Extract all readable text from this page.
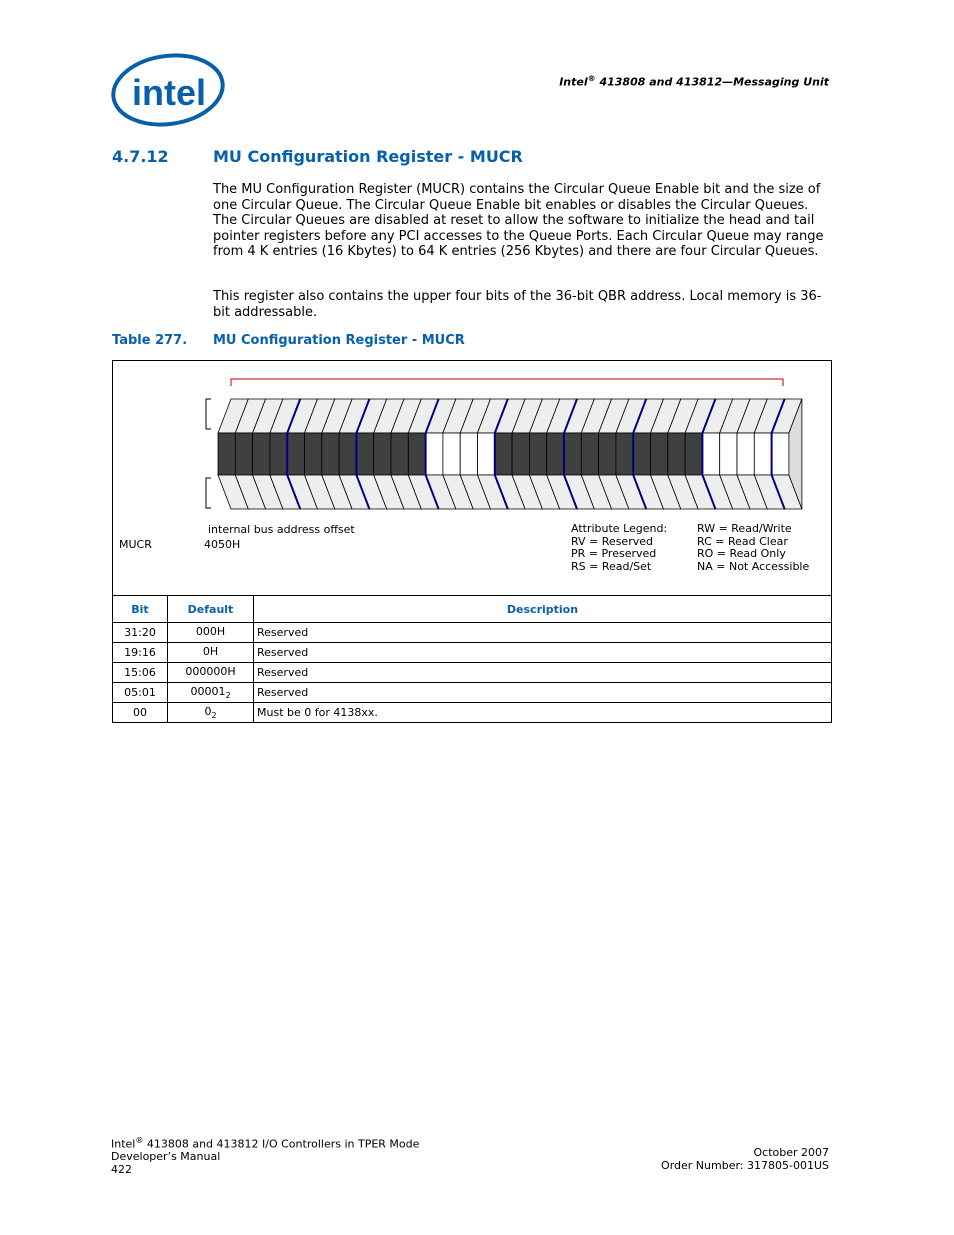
intel	Intel® 413808 and 413812—Messaging Unit
4.7.12	MU Configuration Register - MUCR
The MU Configuration Register (MUCR) contains the Circular Queue Enable bit and the size of one Circular Queue. The Circular Queue Enable bit enables or disables the Circular Queues. The Circular Queues are disabled at reset to allow the software to initialize the head and tail pointer registers before any PCI accesses to the Queue Ports. Each Circular Queue may range from 4 K entries (16 Kbytes) to 64 K entries (256 Kbytes) and there are four Circular Queues.
This register also contains the upper four bits of the 36-bit QBR address. Local memory is 36-bit addressable.
Table 277. MU Configuration Register - MUCR
internal bus address offset
MUCR	4050H
Attribute Legend:
RV = Reserved
PR = Preserved
RS = Read/Set
RW = Read/Write
RC = Read Clear
RO = Read Only
NA = Not Accessible
Bit	Default	Description
31:20	000H	Reserved
19:16	0H	Reserved
15:06	000000H	Reserved
05:01	$00001_2$	Reserved
00	$0_2$	Must be 0 for 4138xx.
Intel® 413808 and 413812 I/O Controllers in TPER Mode
Developer’s Manual
422
October 2007
Order Number: 317805-001US
